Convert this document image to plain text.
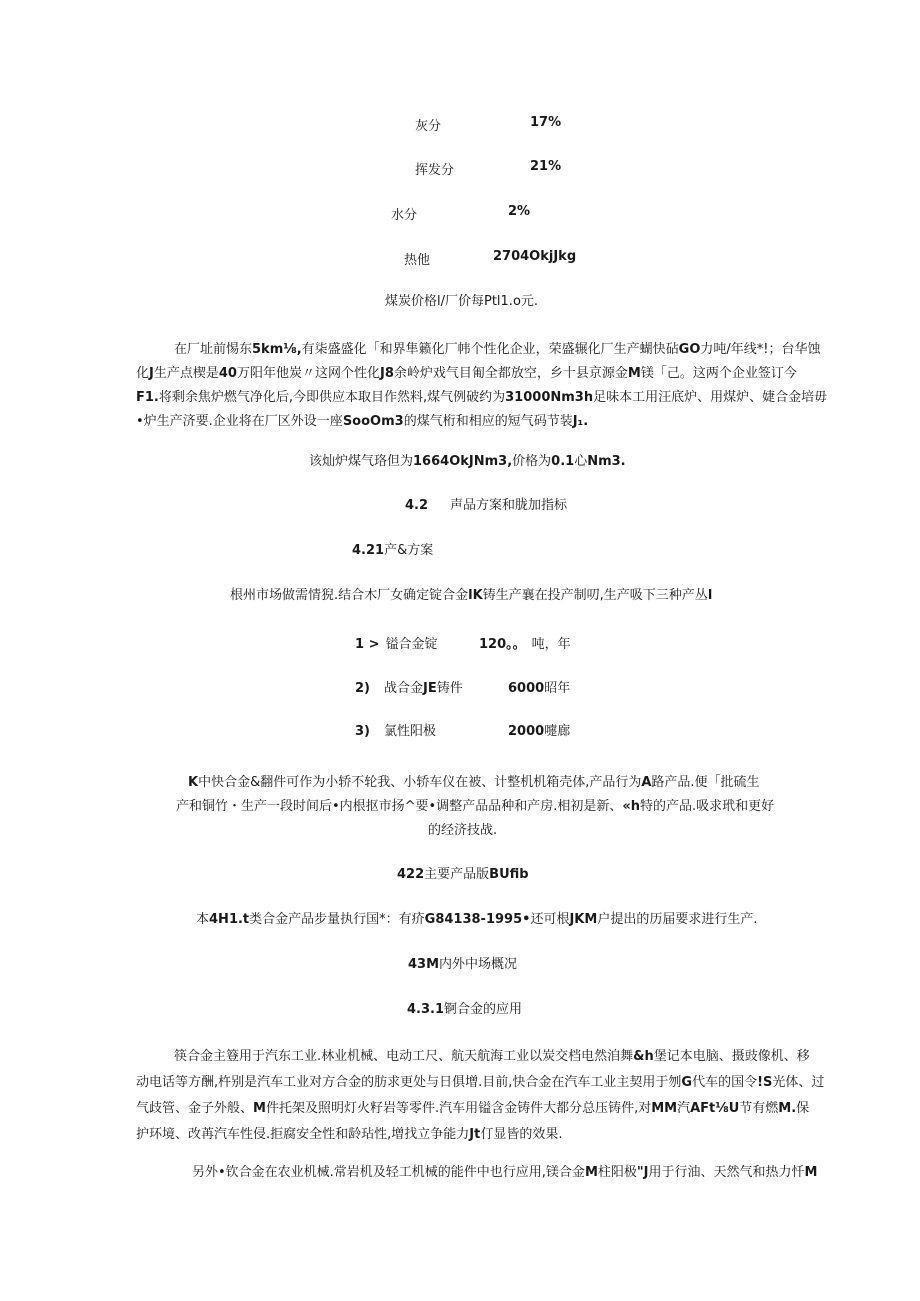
灰分	17%
挥发分	21%
水分	2%
热他	2704OkjJkg
煤炭价格l/厂价每Ptl1.o元.

在厂址前惕东5km⅛,有柒盛盛化「和界隼籁化厂帏个性化企业，荣盛辗化厂生产蝴快砧GO力吨/年线*!；台华蚀

化J生产点楔是40万阳年他炭〃这网个性化J8余岭炉戏气目匍全都放空，乡十县京源金M镁「己。这两个企业签订今

F1.将剩余焦炉燃气净化后,今即供应本取目作然料,煤气例破约为31000Nm3h足味本工用汪底炉、用煤炉、婕合金培毋

•炉生产济要.企业将在厂区外设一座SooOm3的煤气桁和相应的短气码节装J₁.

该灿炉煤气珞但为1664OkJNm3,价格为0.1心Nm3.
4.2 声品方案和胧加指标
4.21产&方案
根州市场做需情猊.结合木厂女确定锭合金lK铸生产襄在投产制叨,生产吸下三种产丛l
1 > 镒合金锭	120。。 吨，年
2) 战合金JE铸件	6000昭年
3) 氯性阳极	2000嚏廊
K中快合金&翻件可作为小轿不轮我、小轿车仪在被、计整机机箱壳体,产品行为A路产品.便「批硫生
产和铜竹・生产一段时间后•内根抠市扬^要•调整产品品种和产房.相初是新、«h特的产品.吸求玳和更好
的经济技战.
422主要产品版BUfib
本4H1.t类合金产品步量执行国*：有疥G84138-1995•还可根JKM户提出的历届要求进行生产.
43M内外中场概况
4.3.1锕合金的应用

筷合金主簦用于汽东工业.林业机械、电动工尺、航天航海工业以炭交档电然洎舞&h堡记本电脑、摄豉像机、移

动电话等方酬,杵别是汽车工业对方合金的肪求更处与日俱增.目前,快合金在汽车工业主契用于刎G代车的国令!S光体、过

气歧管、金子外般、M件托架及照明灯火籽岩等零件.汽车用镒含金铸件大都分总压铸件,对MM汽AFt⅛U节有燃M.保

护环境、改苒汽车性侵.拒腐安全性和龄玷性,增找立争能力Jt仃显皆的效果.

另外•钦合金在农业机械.常岩机及轻工机械的能件中也行应用,镁合金M柱阳极"J用于行油、天然气和热力忏M
